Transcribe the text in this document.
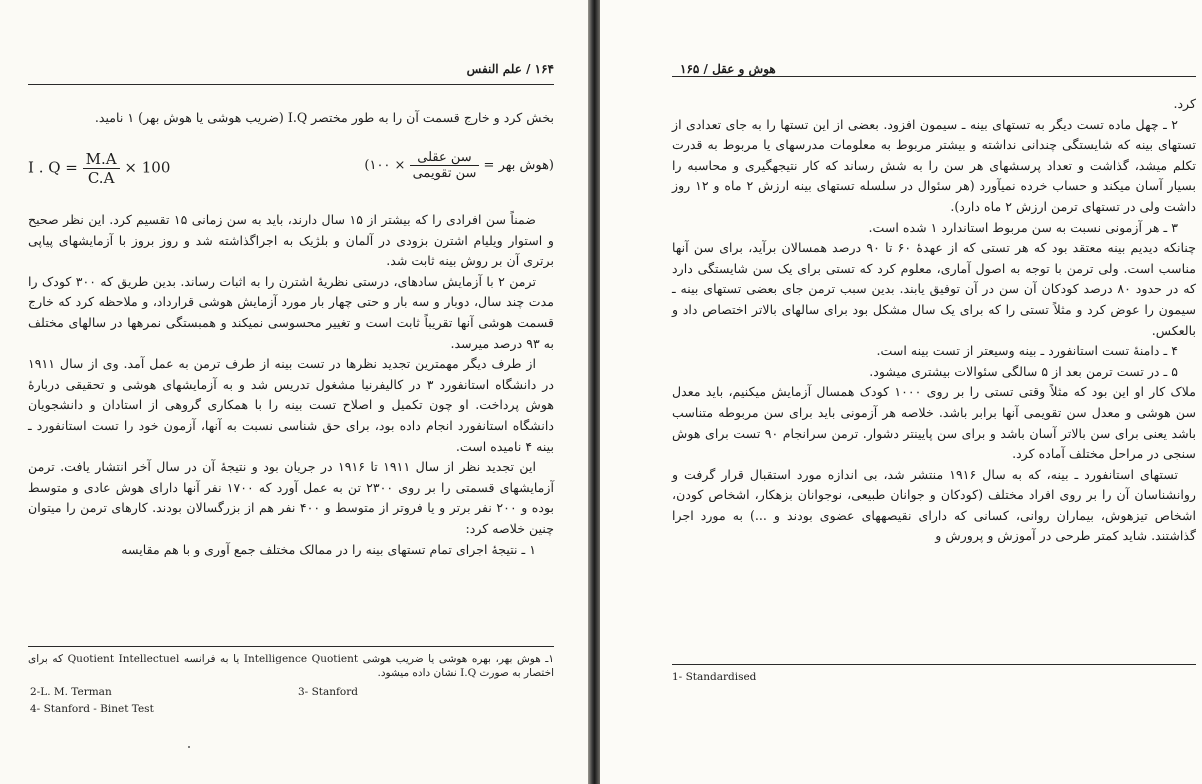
۱۶۴ / علم النفس

بخش کرد و خارج قسمت آن را به طور مختصر I.Q (ضریب هوشی یا هوش بهر) ۱ نامید.

(هوش بهر =
$\frac{\text{سن عقلی}}{\text{سن تقویمی}}$
× ۱۰۰)
I . $Q = \frac{M.A}{C.A} \times 100$

ضمناً سن افرادی را که بیشتر از ۱۵ سال دارند، باید به سن زمانی ۱۵ تقسیم کرد. این نظر صحیح و استوار ویلیام اشترن بزودی در آلمان و بلژیک به اجراگذاشته شد و روز بروز با آزمایشهای پیاپی برتری آن بر روش بینه ثابت شد.

ترمن ۲ با آزمایش سادهای، درستی نظریهٔ اشترن را به اثبات رساند. بدین طریق که ۳۰۰ کودک را مدت چند سال، دوبار و سه بار و حتی چهار بار مورد آزمایش هوشی قرارداد، و ملاحظه کرد که خارج قسمت هوشی آنها تقریباً ثابت است و تغییر محسوسی نمیکند و همبستگی نمرهها در سالهای مختلف به ۹۳ درصد میرسد.

از طرف دیگر مهمترین تجدید نظرها در تست بینه از طرف ترمن به عمل آمد. وی از سال ۱۹۱۱ در دانشگاه استانفورد ۳ در کالیفرنیا مشغول تدریس شد و به آزمایشهای هوشی و تحقیقی دربارهٔ هوش پرداخت. او چون تکمیل و اصلاح تست بینه را با همکاری گروهی از استادان و دانشجویان دانشگاه استانفورد انجام داده بود، برای حق شناسی نسبت به آنها، آزمون خود را تست استانفورد ـ بینه ۴ نامیده است.

این تجدید نظر از سال ۱۹۱۱ تا ۱۹۱۶ در جریان بود و نتیجهٔ آن در سال آخر انتشار یافت. ترمن آزمایشهای قسمتی را بر روی ۲۳۰۰ تن به عمل آورد که ۱۷۰۰ نفر آنها دارای هوش عادی و متوسط بوده و ۲۰۰ نفر برتر و یا فروتر از متوسط و ۴۰۰ نفر هم از بزرگسالان بودند. کارهای ترمن را میتوان چنین خلاصه کرد:

۱ ـ نتیجهٔ اجرای تمام تستهای بینه را در ممالک مختلف جمع آوری و با هم مقایسه

۱ـ هوش بهر، بهره هوشی یا ضریب هوشی Intelligence Quotient یا به فرانسه Quotient Intellectuel که برای اختصار به صورت I.Q نشان داده میشود.
2-L. M. Terman	3- Stanford
4- Stanford - Binet Test
هوش و عقل / ۱۶۵

کرد.

۲ ـ چهل ماده تست دیگر به تستهای بینه ـ سیمون افزود. بعضی از این تستها را به جای تعدادی از تستهای بینه که شایستگی چندانی نداشته و بیشتر مربوط به معلومات مدرسهای یا مربوط به قدرت تکلم میشد، گذاشت و تعداد پرسشهای هر سن را به شش رساند که کار نتیجهگیری و محاسبه را بسیار آسان میکند و حساب خرده نمیآورد (هر سئوال در سلسله تستهای بینه ارزش ۲ ماه و ۱۲ روز داشت ولی در تستهای ترمن ارزش ۲ ماه دارد).

۳ ـ هر آزمونی نسبت به سن مربوط استاندارد ۱ شده است.

چنانکه دیدیم بینه معتقد بود که هر تستی که از عهدهٔ ۶۰ تا ۹۰ درصد همسالان برآید، برای سن آنها مناسب است. ولی ترمن با توجه به اصول آماری، معلوم کرد که تستی برای یک سن شایستگی دارد که در حدود ۸۰ درصد کودکان آن سن در آن توفیق یابند. بدین سبب ترمن جای بعضی تستهای بینه ـ سیمون را عوض کرد و مثلاً تستی را که برای یک سال مشکل بود برای سالهای بالاتر اختصاص داد و بالعکس.

۴ ـ دامنهٔ تست استانفورد ـ بینه وسیعتر از تست بینه است.

۵ ـ در تست ترمن بعد از ۵ سالگی سئوالات بیشتری میشود.

ملاک کار او این بود که مثلاً وقتی تستی را بر روی ۱۰۰۰ کودک همسال آزمایش میکنیم، باید معدل سن هوشی و معدل سن تقویمی آنها برابر باشد. خلاصه هر آزمونی باید برای سن مربوطه متناسب باشد یعنی برای سن بالاتر آسان باشد و برای سن پایینتر دشوار. ترمن سرانجام ۹۰ تست برای هوش سنجی در مراحل مختلف آماده کرد.

تستهای استانفورد ـ بینه، که به سال ۱۹۱۶ منتشر شد، بی اندازه مورد استقبال قرار گرفت و روانشناسان آن را بر روی افراد مختلف (کودکان و جوانان طبیعی، نوجوانان بزهکار، اشخاص کودن، اشخاص تیزهوش، بیماران روانی، کسانی که دارای نقیصههای عضوی بودند و ...) به مورد اجرا گذاشتند. شاید کمتر طرحی در آموزش و پرورش و

1- Standardised
